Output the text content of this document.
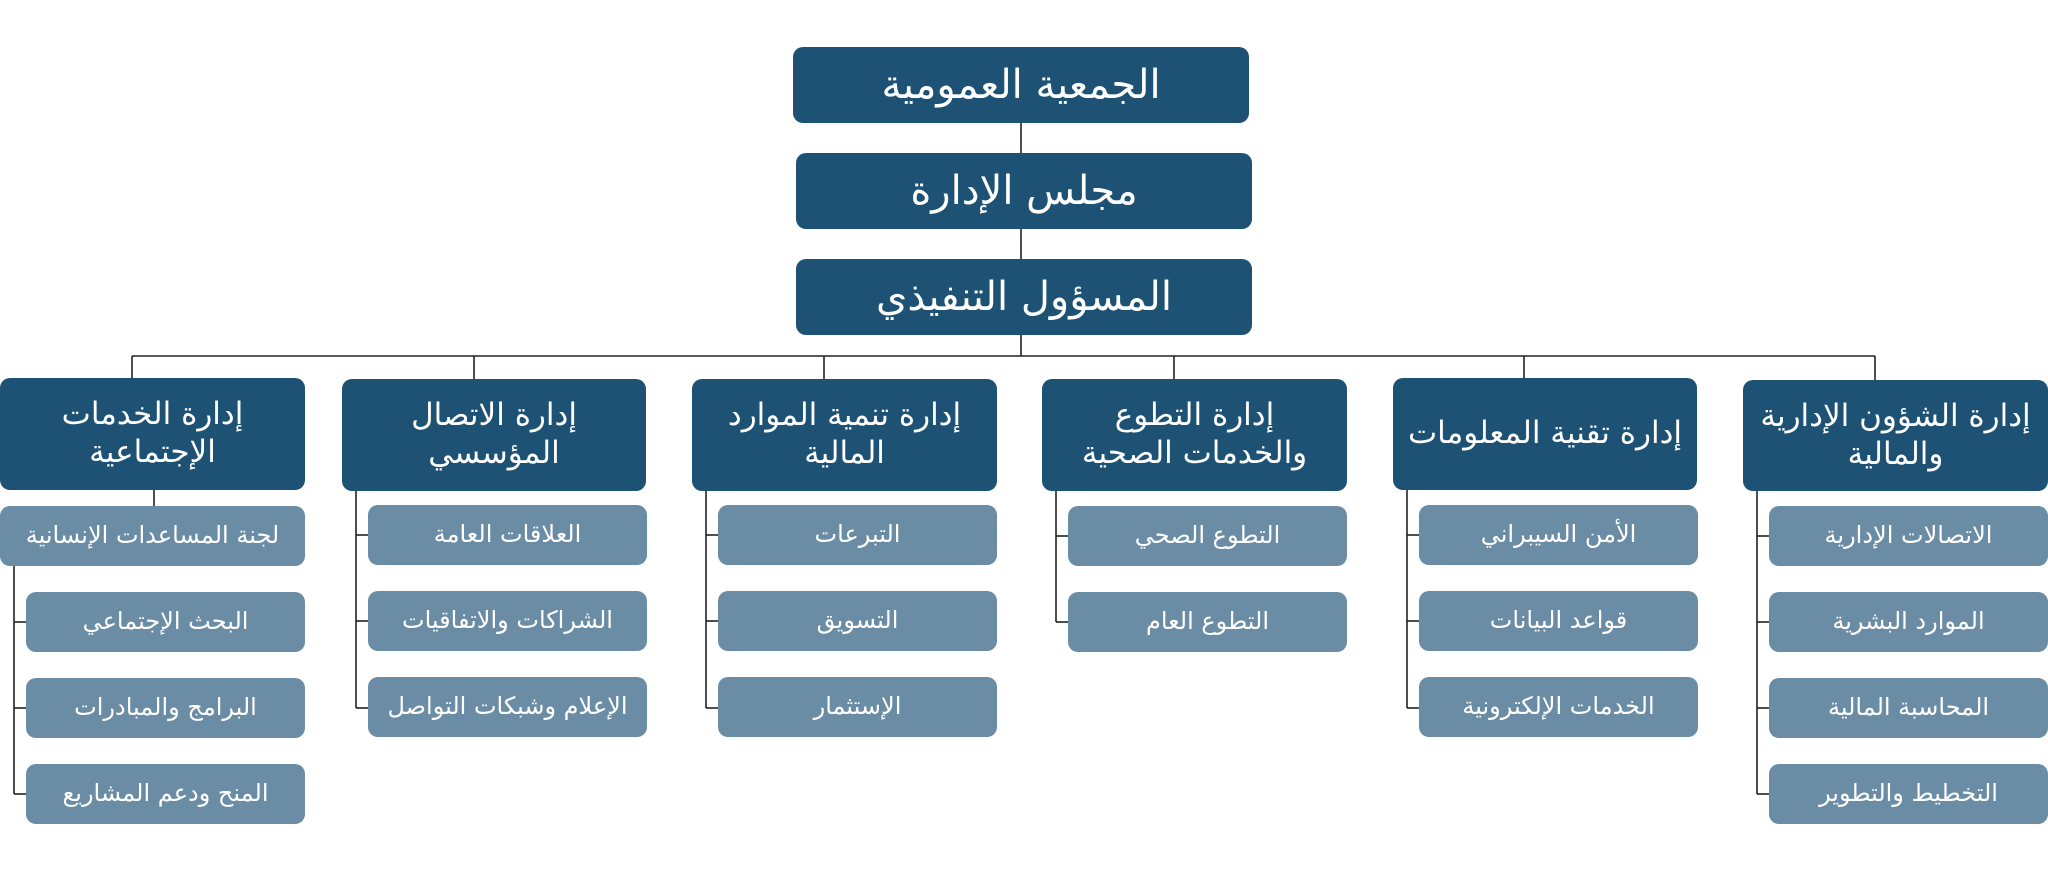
الجمعية العمومية
مجلس الإدارة
المسؤول التنفيذي
إدارة الشؤون الإدارية والمالية
الاتصالات الإدارية
الموارد البشرية
المحاسبة المالية
التخطيط والتطوير
إدارة تقنية المعلومات
الأمن السيبراني
قواعد البيانات
الخدمات الإلكترونية
إدارة التطوع والخدمات الصحية
التطوع الصحي
التطوع العام
إدارة تنمية الموارد المالية
التبرعات
التسويق
الإستثمار
إدارة الاتصال المؤسسي
العلاقات العامة
الشراكات والاتفاقيات
الإعلام وشبكات التواصل
إدارة الخدمات الإجتماعية
لجنة المساعدات الإنسانية
البحث الإجتماعي
البرامج والمبادرات
المنح ودعم المشاريع
